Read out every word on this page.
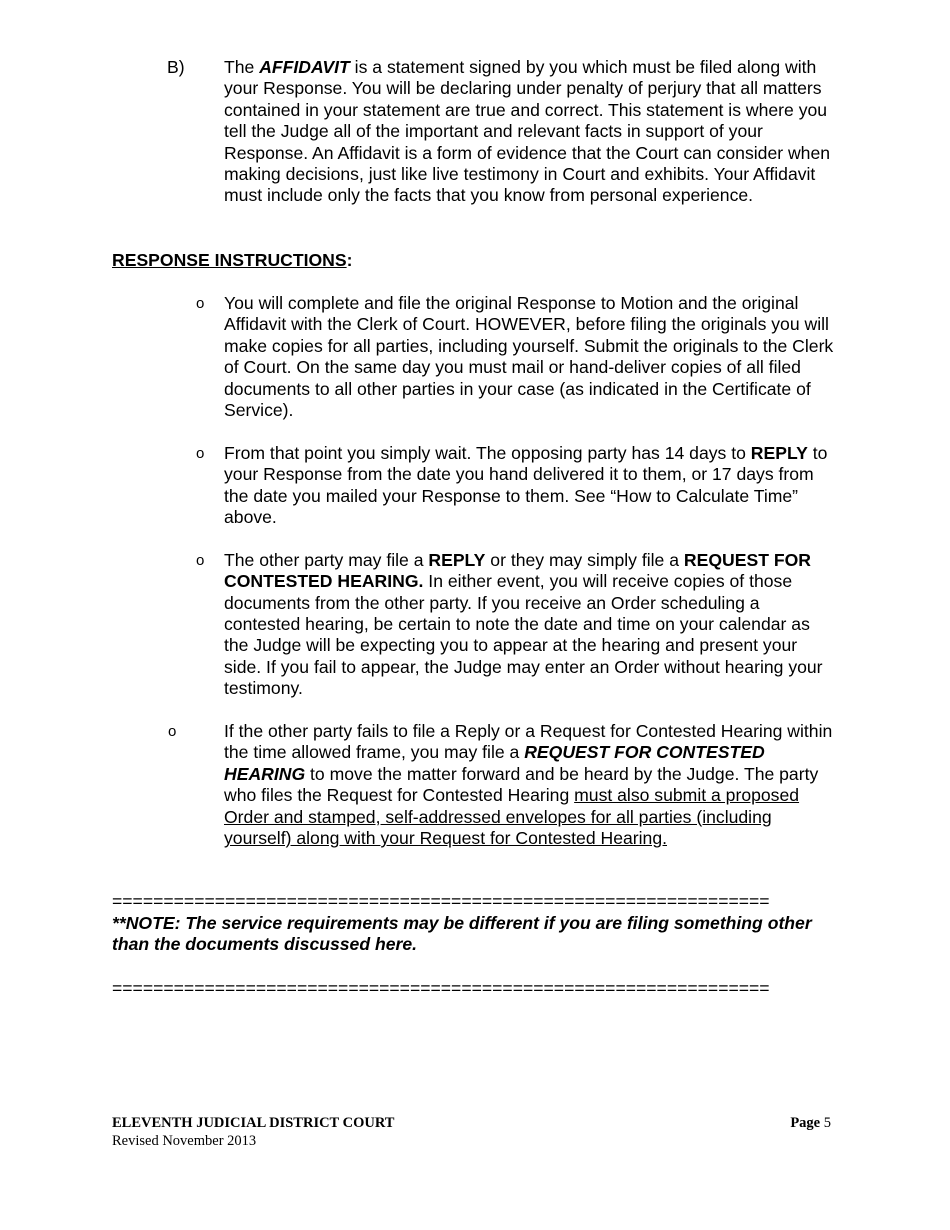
B) The AFFIDAVIT is a statement signed by you which must be filed along with your Response. You will be declaring under penalty of perjury that all matters contained in your statement are true and correct. This statement is where you tell the Judge all of the important and relevant facts in support of your Response. An Affidavit is a form of evidence that the Court can consider when making decisions, just like live testimony in Court and exhibits. Your Affidavit must include only the facts that you know from personal experience.
RESPONSE INSTRUCTIONS:
o You will complete and file the original Response to Motion and the original Affidavit with the Clerk of Court. HOWEVER, before filing the originals you will make copies for all parties, including yourself. Submit the originals to the Clerk of Court. On the same day you must mail or hand-deliver copies of all filed documents to all other parties in your case (as indicated in the Certificate of Service).
o From that point you simply wait. The opposing party has 14 days to REPLY to your Response from the date you hand delivered it to them, or 17 days from the date you mailed your Response to them. See “How to Calculate Time” above.
o The other party may file a REPLY or they may simply file a REQUEST FOR CONTESTED HEARING. In either event, you will receive copies of those documents from the other party. If you receive an Order scheduling a contested hearing, be certain to note the date and time on your calendar as the Judge will be expecting you to appear at the hearing and present your side. If you fail to appear, the Judge may enter an Order without hearing your testimony.
o	If the other party fails to file a Reply or a Request for Contested Hearing within the time allowed frame, you may file a REQUEST FOR CONTESTED HEARING to move the matter forward and be heard by the Judge. The party who files the Request for Contested Hearing must also submit a proposed Order and stamped, self-addressed envelopes for all parties (including yourself) along with your Request for Contested Hearing.
================================================================
**NOTE: The service requirements may be different if you are filing something other than the documents discussed here.
================================================================
ELEVENTH JUDICIAL DISTRICT COURT
Revised November 2013
Page 5
